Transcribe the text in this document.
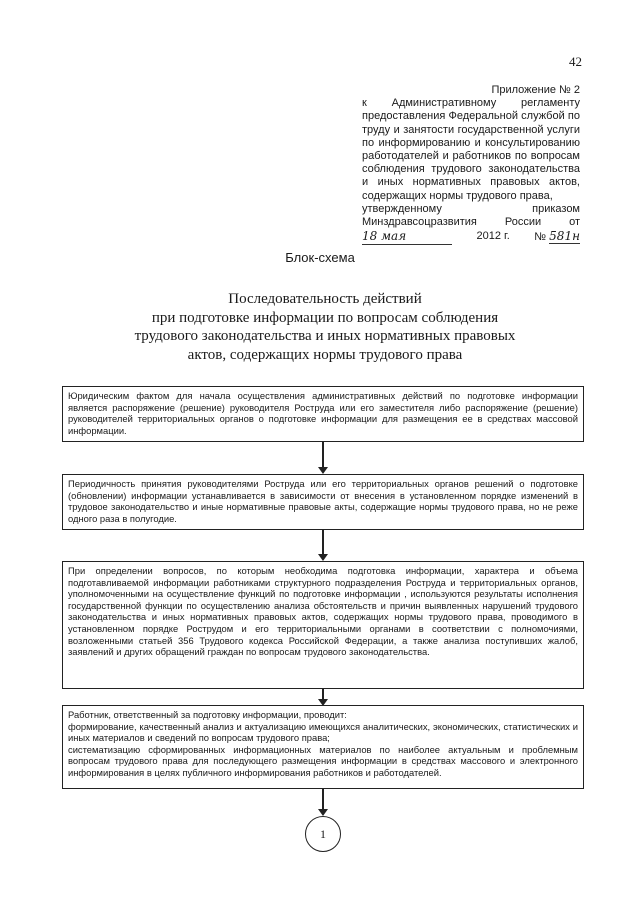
42
Приложение № 2
к Административному регламенту
предоставления Федеральной службой по
труду и занятости государственной услуги
по информированию и консультированию
работодателей и работников по вопросам
соблюдения трудового законодательства
и иных нормативных правовых актов,
содержащих нормы трудового права,
утвержденному приказом
Минздравсоцразвития России от
18 мая	2012 г. № 581н
Блок-схема
Последовательность действий
при подготовке информации по вопросам соблюдения
трудового законодательства и иных нормативных правовых
актов, содержащих нормы трудового права

Юридическим фактом для начала осуществления административных действий по подготовке информации является распоряжение (решение) руководителя Роструда или его заместителя либо распоряжение (решение) руководителей территориальных органов о подготовке информации для размещения ее в средствах массовой информации.

Периодичность принятия руководителями Роструда или его территориальных органов решений о подготовке (обновлении) информации устанавливается в зависимости от внесения в установленном порядке изменений в трудовое законодательство и иные нормативные правовые акты, содержащие нормы трудового права, но не реже одного раза в полугодие.

При определении вопросов, по которым необходима подготовка информации, характера и объема подготавливаемой информации работниками структурного подразделения Роструда и территориальных органов, уполномоченными на осуществление функций по подготовке информации , используются результаты исполнения государственной функции по осуществлению анализа обстоятельств и причин выявленных нарушений трудового законодательства и иных нормативных правовых актов, содержащих нормы трудового права, проводимого в установленном порядке Рострудом и его территориальными органами в соответствии с полномочиями, возложенными статьей 356 Трудового кодекса Российской Федерации, а также анализа поступивших жалоб, заявлений и других обращений граждан по вопросам трудового законодательства.

Работник, ответственный за подготовку информации, проводит:

формирование, качественный анализ и актуализацию имеющихся аналитических, экономических, статистических и иных материалов и сведений по вопросам трудового права;

систематизацию сформированных информационных материалов по наиболее актуальным и проблемным вопросам трудового права для последующего размещения информации в средствах массового и электронного информирования в целях публичного информирования работников и работодателей.

1
